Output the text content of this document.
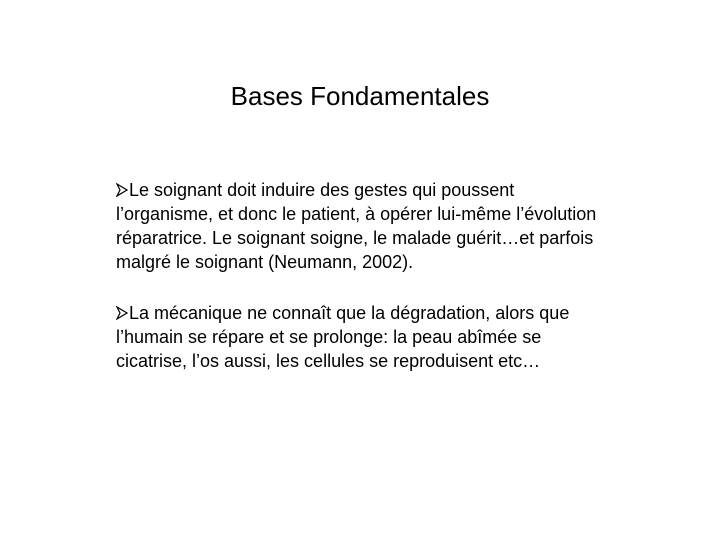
Bases Fondamentales

Le soignant doit induire des gestes qui poussent l’organisme, et donc le patient, à opérer lui-même l’évolution réparatrice. Le soignant soigne, le malade guérit…et parfois malgré le soignant (Neumann, 2002).

La mécanique ne connaît que la dégradation, alors que l’humain se répare et se prolonge: la peau abîmée se cicatrise, l’os aussi, les cellules se reproduisent etc…
